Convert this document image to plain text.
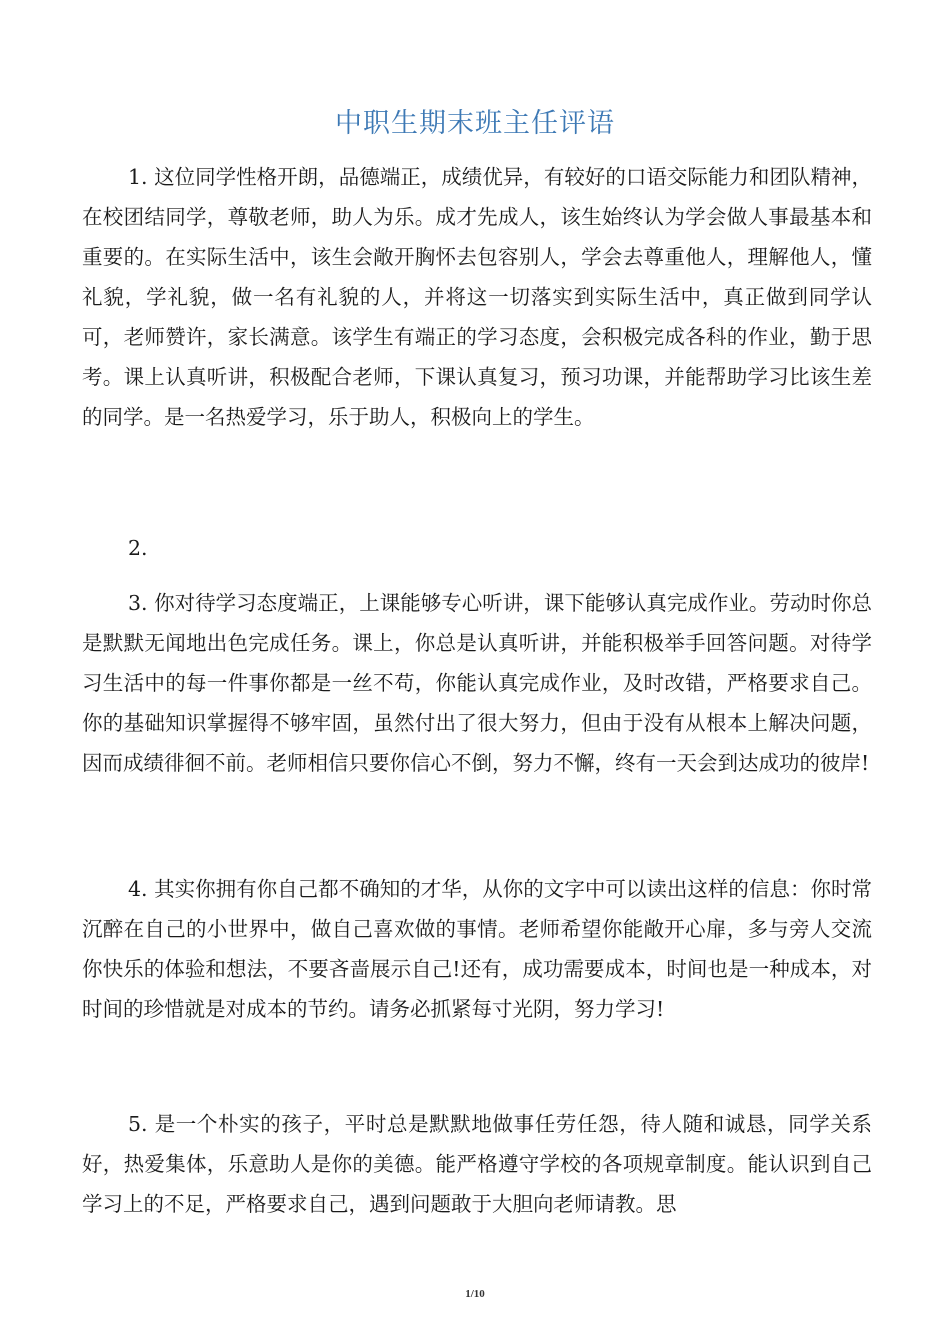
中职生期末班主任评语
1. 这位同学性格开朗，品德端正，成绩优异，有较好的口语交际能力和团队精神，在校团结同学，尊敬老师，助人为乐。成才先成人，该生始终认为学会做人事最基本和重要的。在实际生活中，该生会敞开胸怀去包容别人，学会去尊重他人，理解他人，懂礼貌，学礼貌，做一名有礼貌的人，并将这一切落实到实际生活中，真正做到同学认可，老师赞许，家长满意。该学生有端正的学习态度，会积极完成各科的作业，勤于思考。课上认真听讲，积极配合老师，下课认真复习，预习功课，并能帮助学习比该生差的同学。是一名热爱学习，乐于助人，积极向上的学生。
2.
3. 你对待学习态度端正，上课能够专心听讲，课下能够认真完成作业。劳动时你总是默默无闻地出色完成任务。课上，你总是认真听讲，并能积极举手回答问题。对待学习生活中的每一件事你都是一丝不苟，你能认真完成作业，及时改错，严格要求自己。你的基础知识掌握得不够牢固，虽然付出了很大努力，但由于没有从根本上解决问题，因而成绩徘徊不前。老师相信只要你信心不倒，努力不懈，终有一天会到达成功的彼岸!
4. 其实你拥有你自己都不确知的才华，从你的文字中可以读出这样的信息：你时常沉醉在自己的小世界中，做自己喜欢做的事情。老师希望你能敞开心扉，多与旁人交流你快乐的体验和想法，不要吝啬展示自己!还有，成功需要成本，时间也是一种成本，对时间的珍惜就是对成本的节约。请务必抓紧每寸光阴，努力学习!
5. 是一个朴实的孩子，平时总是默默地做事任劳任怨，待人随和诚恳，同学关系好，热爱集体，乐意助人是你的美德。能严格遵守学校的各项规章制度。能认识到自己学习上的不足，严格要求自己，遇到问题敢于大胆向老师请教。思
1/10
